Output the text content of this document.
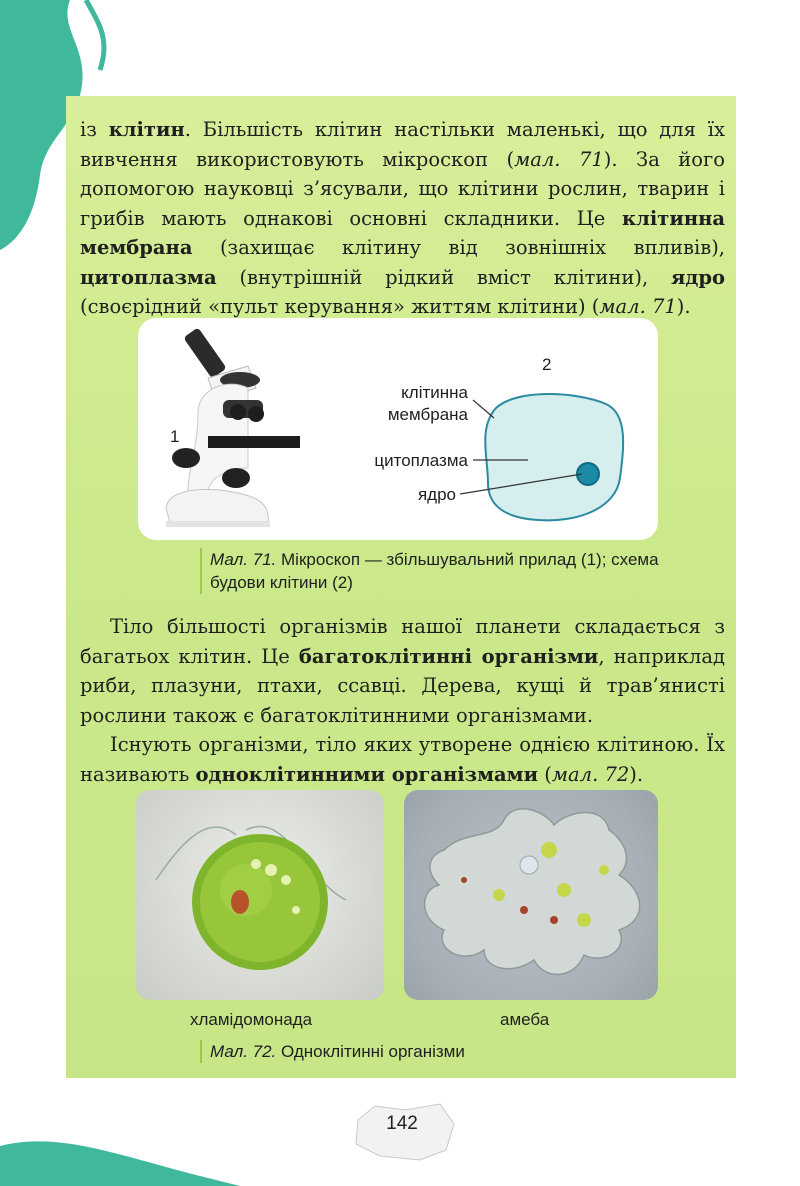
із клітин. Більшість клітин настільки маленькі, що для їх вивчення використовують мікроскоп (мал. 71). За його допомогою науковці з’ясували, що клітини рослин, тварин і грибів мають однакові основні складники. Це клітинна мембрана (захищає клітину від зовнішніх впливів), цитоплазма (внутрішній рідкий вміст клітини), ядро (своєрідний «пульт керування» життям клітини) (мал. 71).

1
2
клітинна мембрана
цитоплазма
ядро
Мал. 71. Мікроскоп — збільшувальний прилад (1); схема будови клітини (2)

Тіло більшості організмів нашої планети складається з багатьох клітин. Це багатоклітинні організми, наприклад риби, плазуни, птахи, ссавці. Дерева, кущі й трав’янисті рослини також є багатоклітинними організмами.

Існують організми, тіло яких утворене однією клітиною. Їх називають одноклітинними організмами (мал. 72).

хламідомонада	амеба
Мал. 72. Одноклітинні організми
142
